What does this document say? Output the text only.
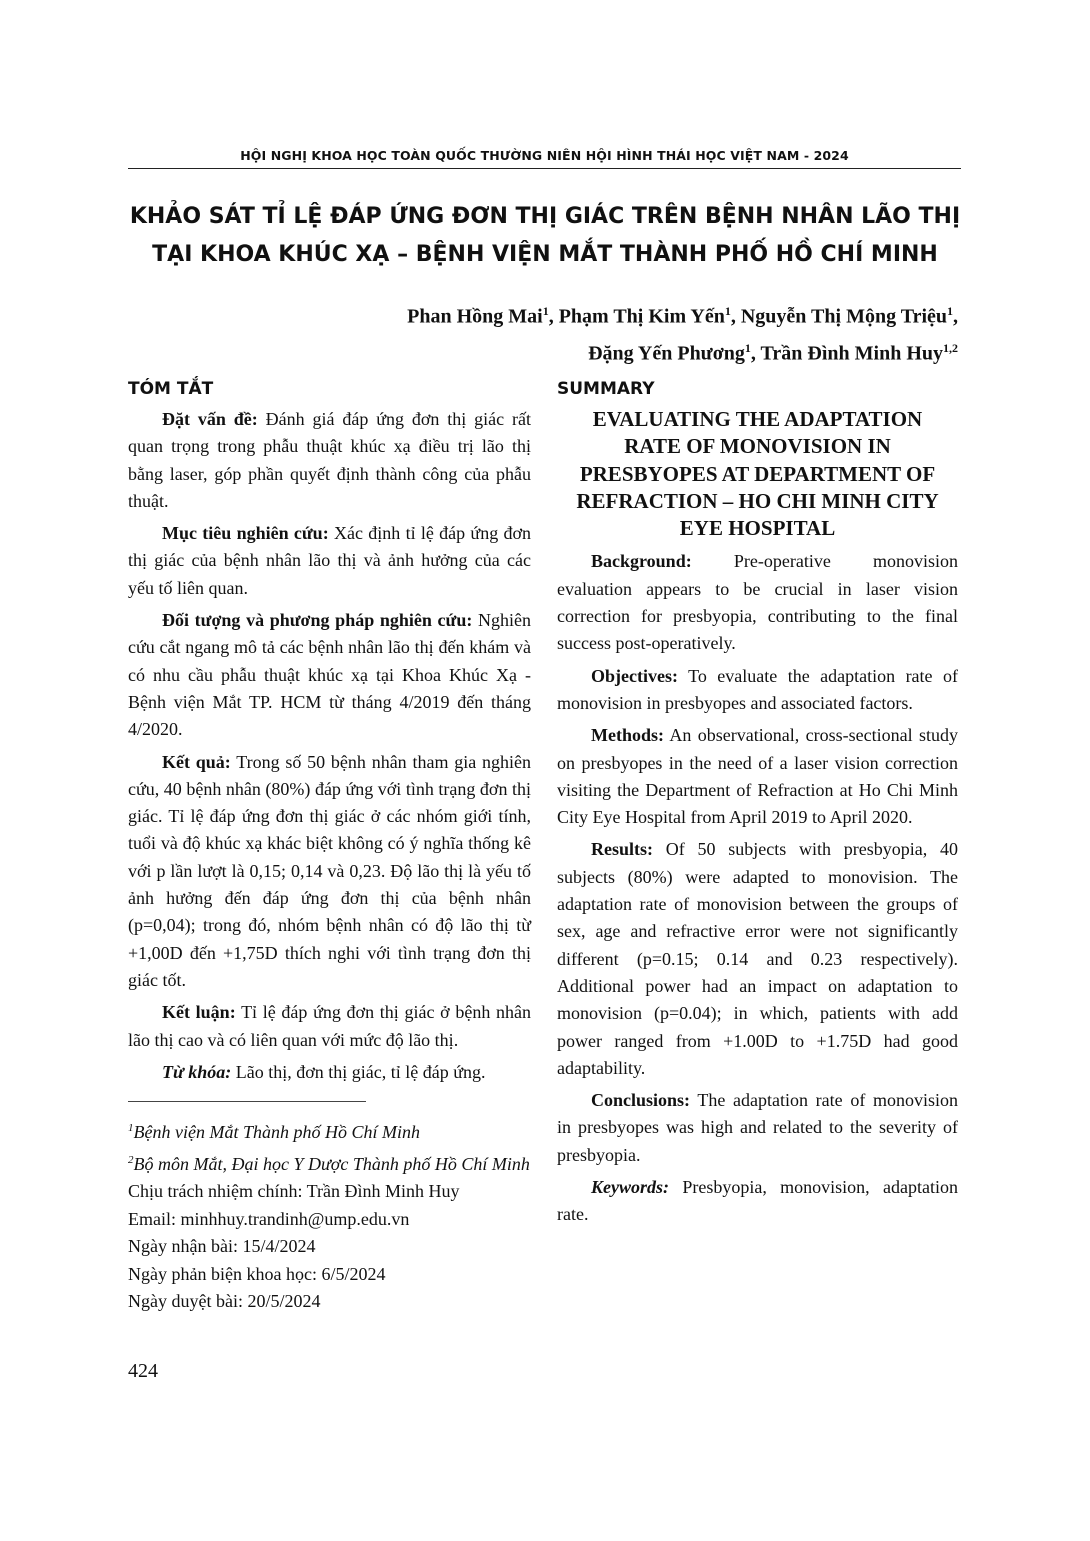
HỘI NGHỊ KHOA HỌC TOÀN QUỐC THƯỜNG NIÊN HỘI HÌNH THÁI HỌC VIỆT NAM - 2024
KHẢO SÁT TỈ LỆ ĐÁP ỨNG ĐƠN THỊ GIÁC TRÊN BỆNH NHÂN LÃO THỊ
TẠI KHOA KHÚC XẠ – BỆNH VIỆN MẮT THÀNH PHỐ HỒ CHÍ MINH
Phan Hồng Mai$^1$, Phạm Thị Kim Yến$^1$, Nguyễn Thị Mộng Triệu$^1$,
Đặng Yến Phương$^1$, Trần Đình Minh Huy$^{1,2}$
TÓM TẮT

Đặt vấn đề: Đánh giá đáp ứng đơn thị giác rất quan trọng trong phẫu thuật khúc xạ điều trị lão thị bằng laser, góp phần quyết định thành công của phẫu thuật.

Mục tiêu nghiên cứu: Xác định tỉ lệ đáp ứng đơn thị giác của bệnh nhân lão thị và ảnh hưởng của các yếu tố liên quan.

Đối tượng và phương pháp nghiên cứu: Nghiên cứu cắt ngang mô tả các bệnh nhân lão thị đến khám và có nhu cầu phẫu thuật khúc xạ tại Khoa Khúc Xạ - Bệnh viện Mắt TP. HCM từ tháng 4/2019 đến tháng 4/2020.

Kết quả: Trong số 50 bệnh nhân tham gia nghiên cứu, 40 bệnh nhân (80%) đáp ứng với tình trạng đơn thị giác. Tỉ lệ đáp ứng đơn thị giác ở các nhóm giới tính, tuổi và độ khúc xạ khác biệt không có ý nghĩa thống kê với p lần lượt là 0,15; 0,14 và 0,23. Độ lão thị là yếu tố ảnh hưởng đến đáp ứng đơn thị của bệnh nhân (p=0,04); trong đó, nhóm bệnh nhân có độ lão thị từ +1,00D đến +1,75D thích nghi với tình trạng đơn thị giác tốt.

Kết luận: Tỉ lệ đáp ứng đơn thị giác ở bệnh nhân lão thị cao và có liên quan với mức độ lão thị.

Từ khóa: Lão thị, đơn thị giác, tỉ lệ đáp ứng.

SUMMARY
EVALUATING THE ADAPTATION
RATE OF MONOVISION IN
PRESBYOPES AT DEPARTMENT OF
REFRACTION – HO CHI MINH CITY
EYE HOSPITAL

Background: Pre-operative monovision evaluation appears to be crucial in laser vision correction for presbyopia, contributing to the final success post-operatively.

Objectives: To evaluate the adaptation rate of monovision in presbyopes and associated factors.

Methods: An observational, cross-sectional study on presbyopes in the need of a laser vision correction visiting the Department of Refraction at Ho Chi Minh City Eye Hospital from April 2019 to April 2020.

Results: Of 50 subjects with presbyopia, 40 subjects (80%) were adapted to monovision. The adaptation rate of monovision between the groups of sex, age and refractive error were not significantly different (p=0.15; 0.14 and 0.23 respectively). Additional power had an impact on adaptation to monovision (p=0.04); in which, patients with add power ranged from +1.00D to +1.75D had good adaptability.

Conclusions: The adaptation rate of monovision in presbyopes was high and related to the severity of presbyopia.

Keywords: Presbyopia, monovision, adaptation rate.

$^1$Bệnh viện Mắt Thành phố Hồ Chí Minh
$^2$Bộ môn Mắt, Đại học Y Dược Thành phố Hồ Chí Minh
Chịu trách nhiệm chính: Trần Đình Minh Huy
Email: minhhuy.trandinh@ump.edu.vn
Ngày nhận bài: 15/4/2024
Ngày phản biện khoa học: 6/5/2024
Ngày duyệt bài: 20/5/2024
424
